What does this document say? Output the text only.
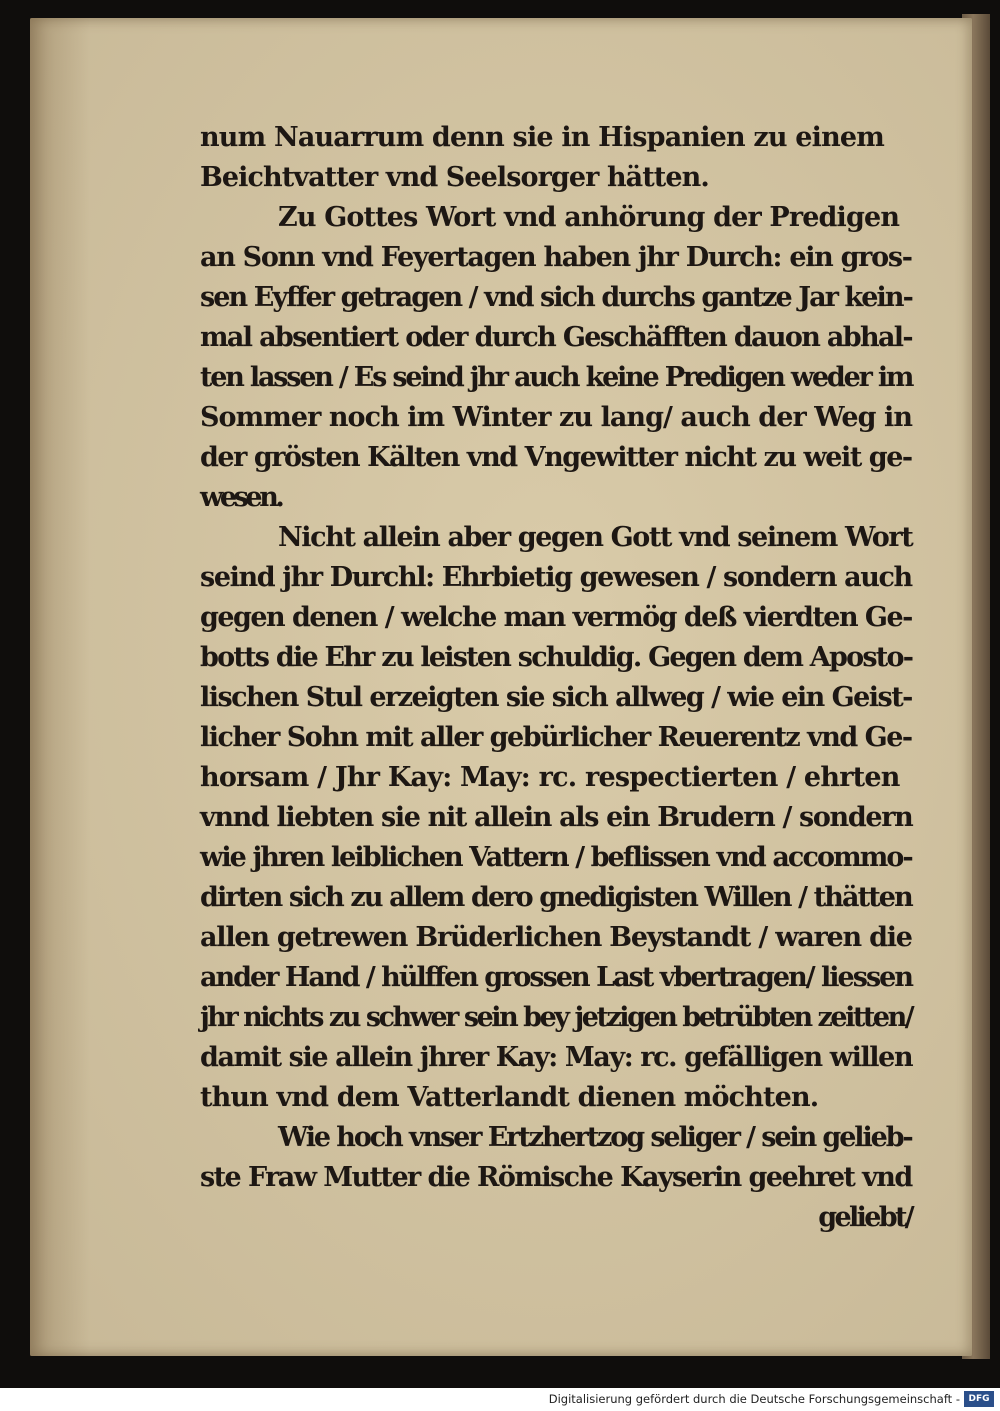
num Nauarrum denn sie in Hispanien zu einem
Beichtvatter vnd Seelsorger hätten.
Zu Gottes Wort vnd anhörung der Predigen
an Sonn vnd Feyertagen haben jhr Durch: ein gros-
sen Eyffer getragen / vnd sich durchs gantze Jar kein-
mal absentiert oder durch Geschäfften dauon abhal-
ten lassen / Es seind jhr auch keine Predigen weder im
Sommer noch im Winter zu lang/ auch der Weg in
der grösten Kälten vnd Vngewitter nicht zu weit ge-
wesen.
Nicht allein aber gegen Gott vnd seinem Wort
seind jhr Durchl: Ehrbietig gewesen / sondern auch
gegen denen / welche man vermög deß vierdten Ge-
botts die Ehr zu leisten schuldig. Gegen dem Aposto-
lischen Stul erzeigten sie sich allweg / wie ein Geist-
licher Sohn mit aller gebürlicher Reuerentz vnd Ge-
horsam / Jhr Kay: May: rc. respectierten / ehrten
vnnd liebten sie nit allein als ein Brudern / sondern
wie jhren leiblichen Vattern / beflissen vnd accommo-
dirten sich zu allem dero gnedigisten Willen / thätten
allen getrewen Brüderlichen Beystandt / waren die
ander Hand / hülffen grossen Last vbertragen/ liessen
jhr nichts zu schwer sein bey jetzigen betrübten zeitten/
damit sie allein jhrer Kay: May: rc. gefälligen willen
thun vnd dem Vatterlandt dienen möchten.
Wie hoch vnser Ertzhertzog seliger / sein gelieb-
ste Fraw Mutter die Römische Kayserin geehret vnd
geliebt/
Digitalisierung gefördert durch die Deutsche Forschungsgemeinschaft - DFG
